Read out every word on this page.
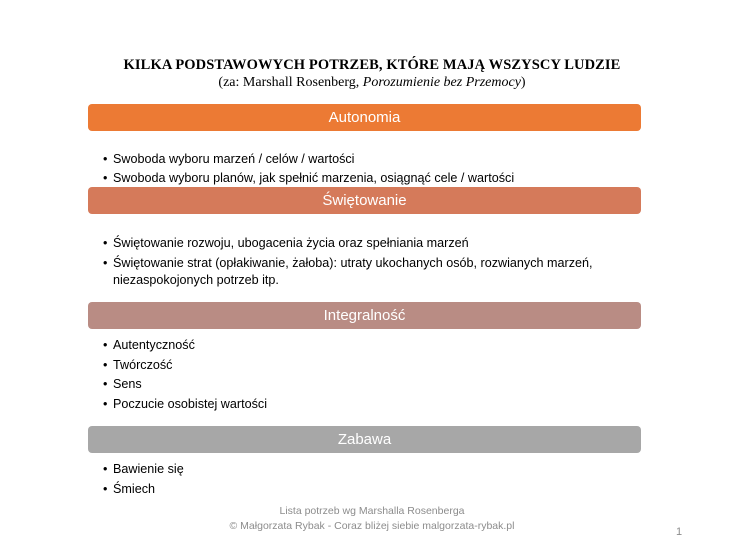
KILKA PODSTAWOWYCH POTRZEB, KTÓRE MAJĄ WSZYSCY LUDZIE
(za: Marshall Rosenberg, Porozumienie bez Przemocy)
Autonomia
• Swoboda wyboru marzeń / celów / wartości
• Swoboda wyboru planów, jak spełnić marzenia, osiągnąć cele / wartości
Świętowanie
• Świętowanie rozwoju, ubogacenia życia oraz spełniania marzeń
• Świętowanie strat (opłakiwanie, żałoba): utraty ukochanych osób, rozwianych marzeń, niezaspokojonych potrzeb itp.
Integralność
• Autentyczność
• Twórczość
• Sens
• Poczucie osobistej wartości
Zabawa
• Bawienie się
• Śmiech
Lista potrzeb wg Marshalla Rosenberga
© Małgorzata Rybak - Coraz bliżej siebie malgorzata-rybak.pl	1
